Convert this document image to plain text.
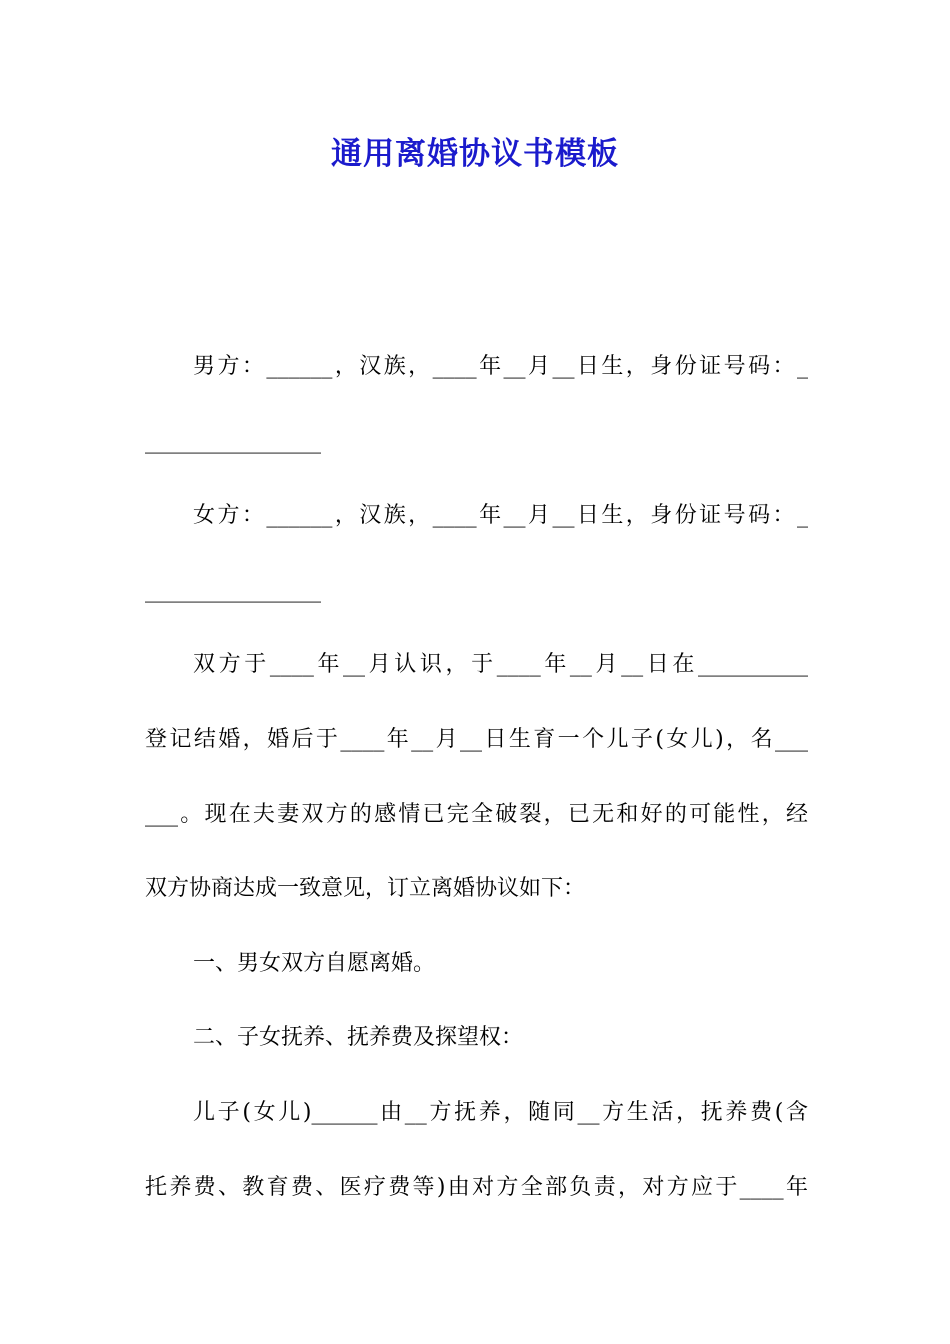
通用离婚协议书模板
男方：______，汉族，____年__月__日生，身份证号码：_
________________
女方：______，汉族，____年__月__日生，身份证号码：_
________________
双方于____年__月认识，于____年__月__日在__________
登记结婚，婚后于____年__月__日生育一个儿子(女儿)，名___
___。现在夫妻双方的感情已完全破裂，已无和好的可能性，经
双方协商达成一致意见，订立离婚协议如下：
一、男女双方自愿离婚。
二、子女抚养、抚养费及探望权：
儿子(女儿)______由__方抚养，随同__方生活，抚养费(含
托养费、教育费、医疗费等)由对方全部负责，对方应于____年
